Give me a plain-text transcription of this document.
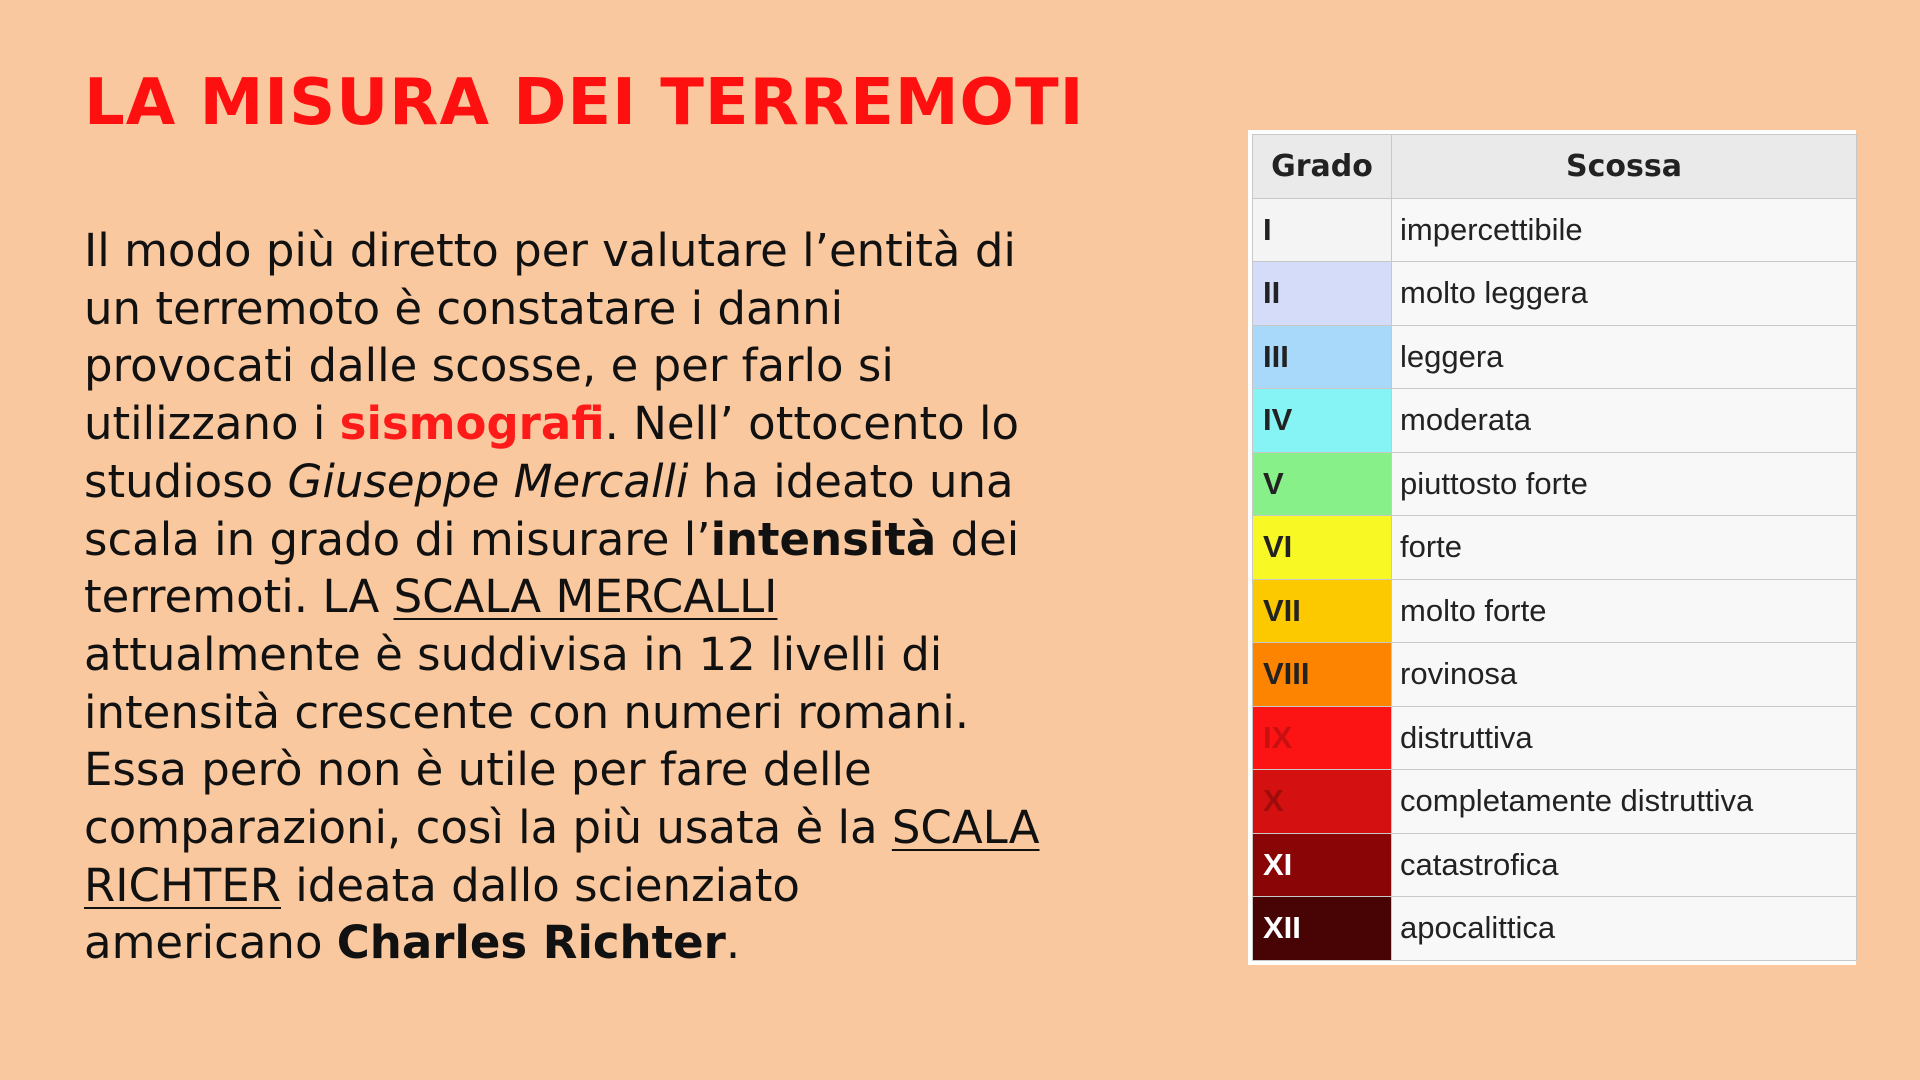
LA MISURA DEI TERREMOTI
Il modo più diretto per valutare l’entità di
un terremoto è constatare i danni
provocati dalle scosse, e per farlo si
utilizzano i sismografi. Nell’ ottocento lo
studioso Giuseppe Mercalli ha ideato una
scala in grado di misurare l’intensità dei
terremoti. LA SCALA MERCALLI
attualmente è suddivisa in 12 livelli di
intensità crescente con numeri romani.
Essa però non è utile per fare delle
comparazioni, così la più usata è la SCALA
RICHTER ideata dallo scienziato
americano Charles Richter.
Grado	Scossa
I	impercettibile
II	molto leggera
III	leggera
IV	moderata
V	piuttosto forte
VI	forte
VII	molto forte
VIII	rovinosa
IX	distruttiva
X	completamente distruttiva
XI	catastrofica
XII	apocalittica
